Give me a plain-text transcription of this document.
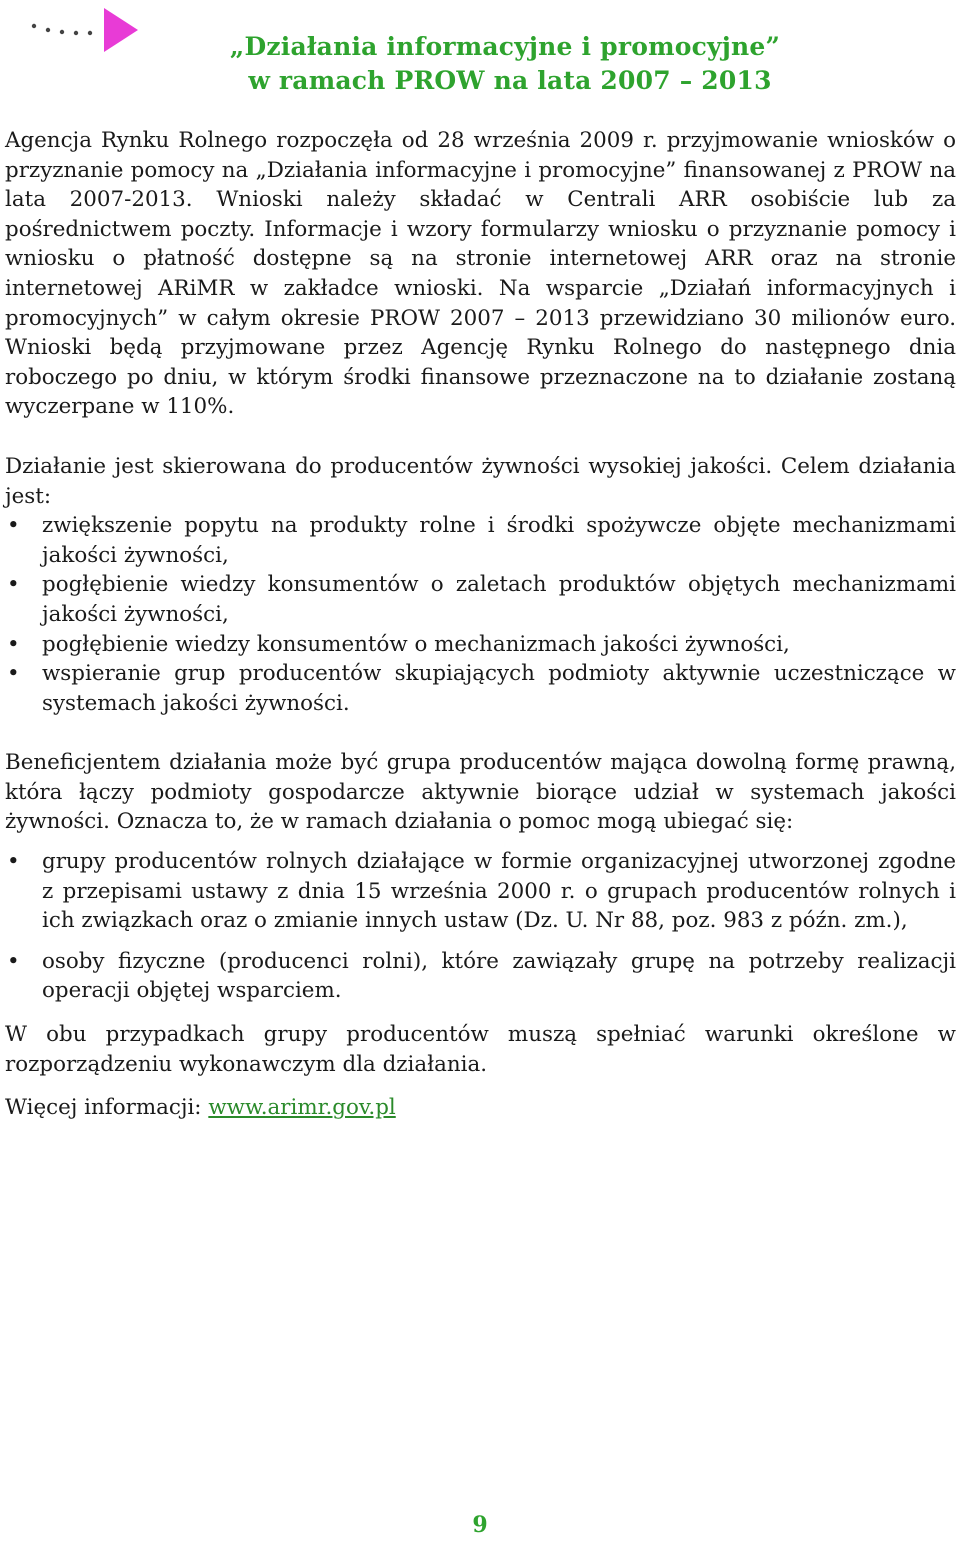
„Działania informacyjne i promocyjne”
w ramach PROW na lata 2007 – 2013

Agencja Rynku Rolnego rozpoczęła od 28 września 2009 r. przyjmowanie wniosków o przyznanie pomocy na „Działania informacyjne i promocyjne” finansowanej z PROW na lata 2007-2013. Wnioski należy składać w Centrali ARR osobiście lub za pośrednictwem poczty. Informacje i wzory formularzy wniosku o przyznanie pomocy i wniosku o płatność dostępne są na stronie internetowej ARR oraz na stronie internetowej ARiMR w zakładce wnioski. Na wsparcie „Działań informacyjnych i promocyjnych” w całym okresie PROW 2007 – 2013 przewidziano 30 milionów euro. Wnioski będą przyjmowane przez Agencję Rynku Rolnego do następnego dnia roboczego po dniu, w którym środki finansowe przeznaczone na to działanie zostaną wyczerpane w 110%.

Działanie jest skierowana do producentów żywności wysokiej jakości. Celem działania jest:

• zwiększenie popytu na produkty rolne i środki spożywcze objęte mechanizmami jakości żywności,
• pogłębienie wiedzy konsumentów o zaletach produktów objętych mechanizmami jakości żywności,
• pogłębienie wiedzy konsumentów o mechanizmach jakości żywności,
• wspieranie grup producentów skupiających podmioty aktywnie uczestniczące w systemach jakości żywności.

Beneficjentem działania może być grupa producentów mająca dowolną formę prawną, która łączy podmioty gospodarcze aktywnie biorące udział w systemach jakości żywności. Oznacza to, że w ramach działania o pomoc mogą ubiegać się:

• grupy producentów rolnych działające w formie organizacyjnej utworzonej zgodne z przepisami ustawy z dnia 15 września 2000 r. o grupach producentów rolnych i ich związkach oraz o zmianie innych ustaw (Dz. U. Nr 88, poz. 983 z późn. zm.),
• osoby fizyczne (producenci rolni), które zawiązały grupę na potrzeby realizacji operacji objętej wsparciem.

W obu przypadkach grupy producentów muszą spełniać warunki określone w rozporządzeniu wykonawczym dla działania.

Więcej informacji: www.arimr.gov.pl

9
